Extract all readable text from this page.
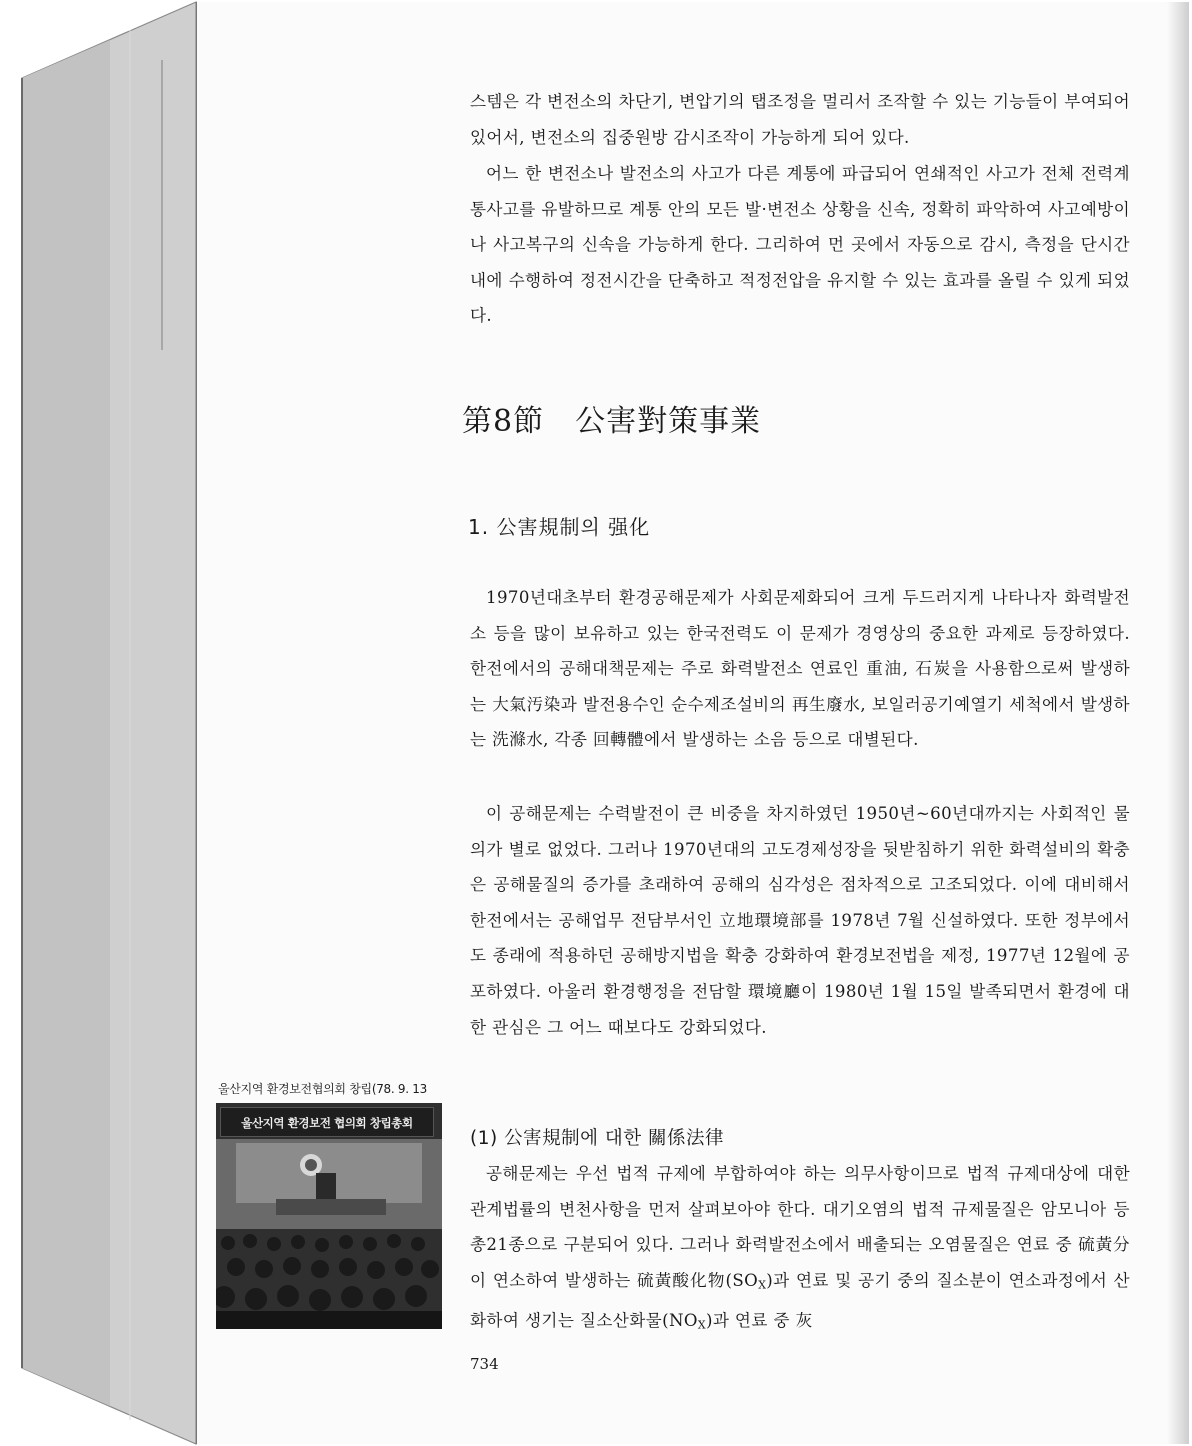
스템은 각 변전소의 차단기, 변압기의 탭조정을 멀리서 조작할 수 있는 기능들이 부여되어 있어서, 변전소의 집중원방 감시조작이 가능하게 되어 있다.

어느 한 변전소나 발전소의 사고가 다른 계통에 파급되어 연쇄적인 사고가 전체 전력계통사고를 유발하므로 계통 안의 모든 발·변전소 상황을 신속, 정확히 파악하여 사고예방이나 사고복구의 신속을 가능하게 한다. 그리하여 먼 곳에서 자동으로 감시, 측정을 단시간내에 수행하여 정전시간을 단축하고 적정전압을 유지할 수 있는 효과를 올릴 수 있게 되었다.

第8節　公害對策事業
1. 公害規制의 强化

1970년대초부터 환경공해문제가 사회문제화되어 크게 두드러지게 나타나자 화력발전소 등을 많이 보유하고 있는 한국전력도 이 문제가 경영상의 중요한 과제로 등장하였다. 한전에서의 공해대책문제는 주로 화력발전소 연료인 重油, 石炭을 사용함으로써 발생하는 大氣汚染과 발전용수인 순수제조설비의 再生廢水, 보일러공기예열기 세척에서 발생하는 洗滌水, 각종 回轉體에서 발생하는 소음 등으로 대별된다.

이 공해문제는 수력발전이 큰 비중을 차지하였던 1950년~60년대까지는 사회적인 물의가 별로 없었다. 그러나 1970년대의 고도경제성장을 뒷받침하기 위한 화력설비의 확충은 공해물질의 증가를 초래하여 공해의 심각성은 점차적으로 고조되었다. 이에 대비해서 한전에서는 공해업무 전담부서인 立地環境部를 1978년 7월 신설하였다. 또한 정부에서도 종래에 적용하던 공해방지법을 확충 강화하여 환경보전법을 제정, 1977년 12월에 공포하였다. 아울러 환경행정을 전담할 環境廳이 1980년 1월 15일 발족되면서 환경에 대한 관심은 그 어느 때보다도 강화되었다.

울산지역 환경보전협의회 창립(78. 9. 13

울산지역 환경보전 협의회 창립총회
(1) 公害規制에 대한 關係法律

공해문제는 우선 법적 규제에 부합하여야 하는 의무사항이므로 법적 규제대상에 대한 관계법률의 변천사항을 먼저 살펴보아야 한다. 대기오염의 법적 규제물질은 암모니아 등 총21종으로 구분되어 있다. 그러나 화력발전소에서 배출되는 오염물질은 연료 중 硫黃分이 연소하여 발생하는 硫黃酸化物$(SO_X)$과 연료 및 공기 중의 질소분이 연소과정에서 산화하여 생기는 질소산화물$(NO_X)$과 연료 중 灰

734
